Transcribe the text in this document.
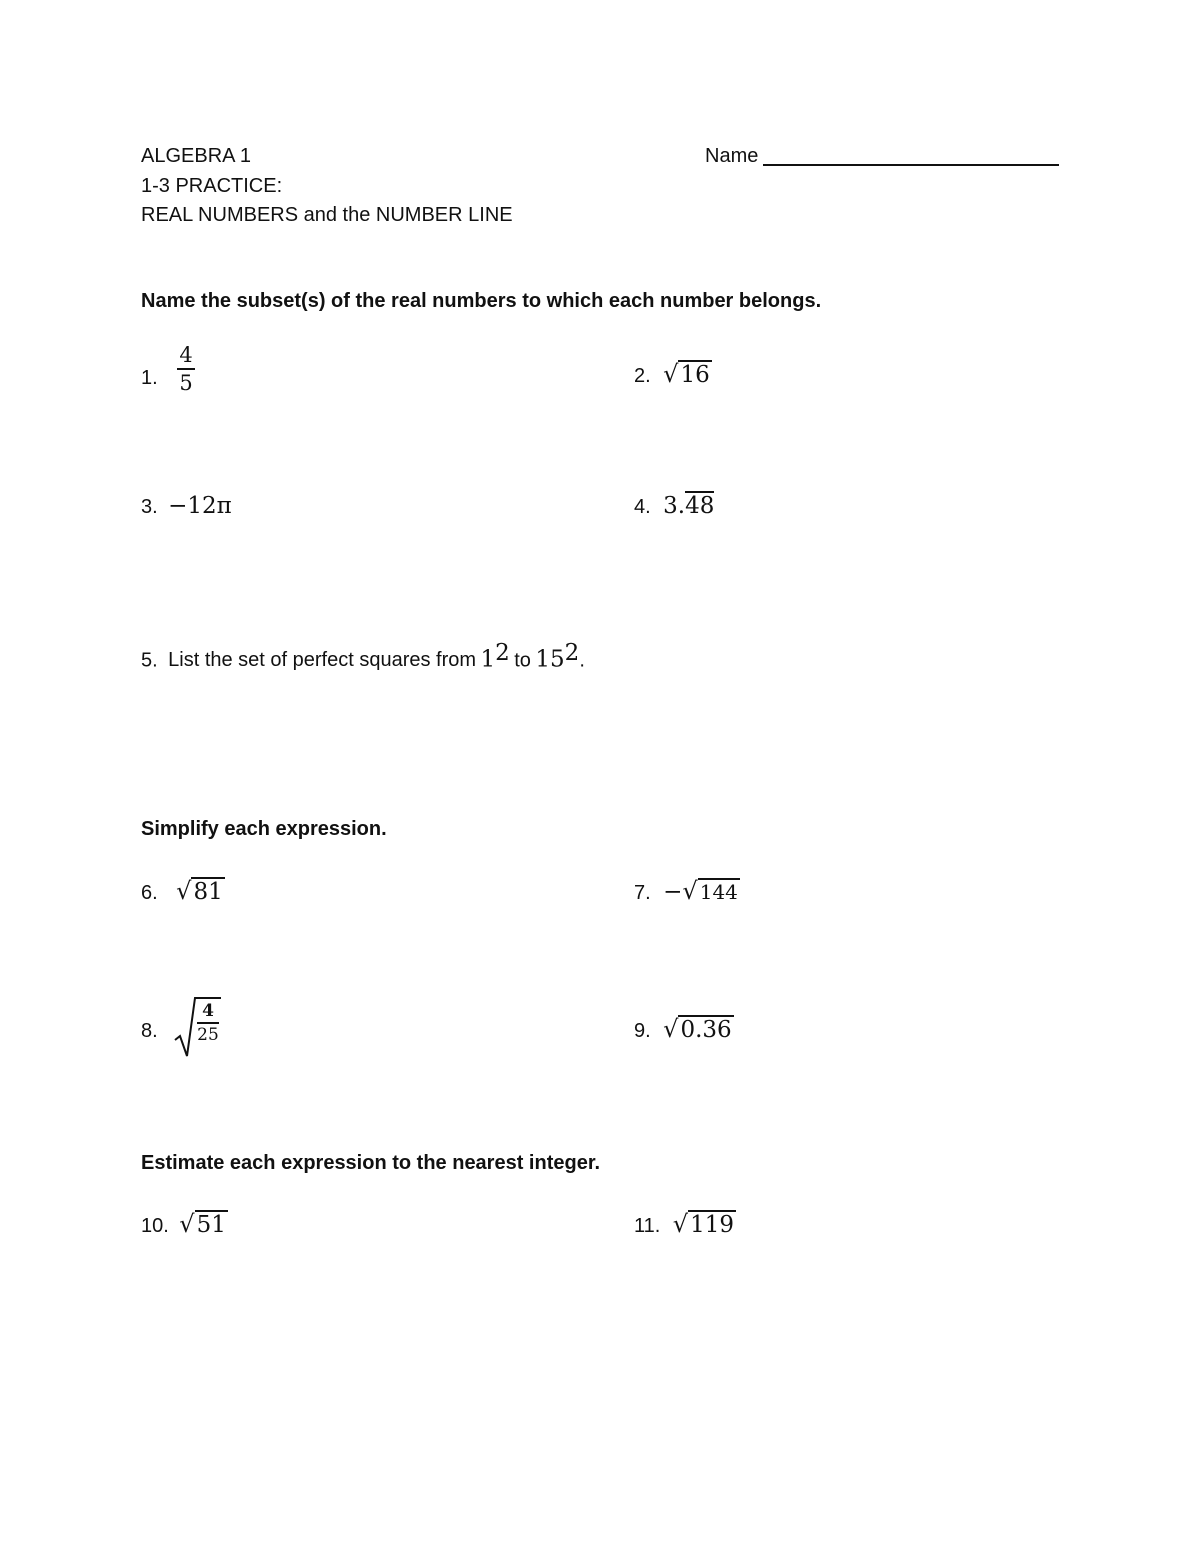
ALGEBRA 1
1-3 PRACTICE:
REAL NUMBERS and the NUMBER LINE
Name
Name the subset(s) of the real numbers to which each number belongs.
1.
4
5	2. √16
3. −12π	4. 3.48
5. List the set of perfect squares from $1^2$ to $15^2$.
Simplify each expression.
6. √81	7. −√ 144
8.
4
25	9. √0.36
Estimate each expression to the nearest integer.
10. √51	11. √119
